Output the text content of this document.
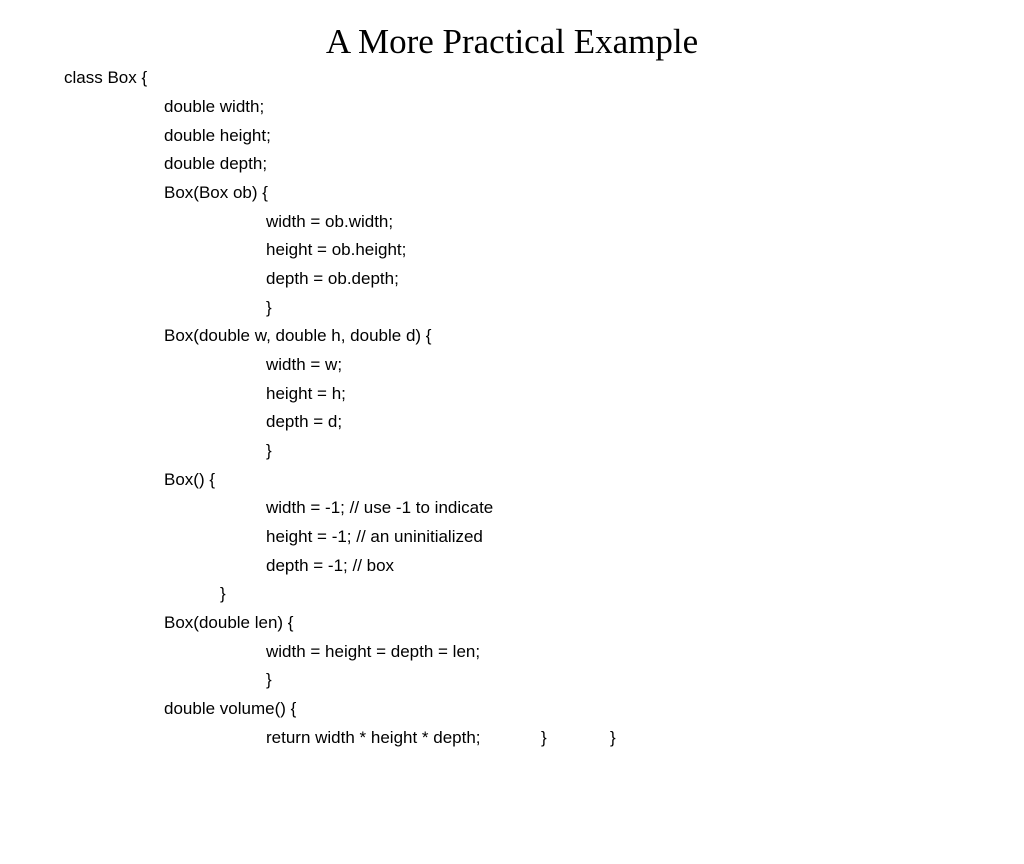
A More Practical Example
class Box {
double width;
double height;
double depth;
Box(Box ob) {
width = ob.width;
height = ob.height;
depth = ob.depth;
}
Box(double w, double h, double d) {
width = w;
height = h;
depth = d;
}
Box() {
width = -1; // use -1 to indicate
height = -1; // an uninitialized
depth = -1; // box
}
Box(double len) {
width = height = depth = len;
}
double volume() {

return width * height * depth;

	}

	}
